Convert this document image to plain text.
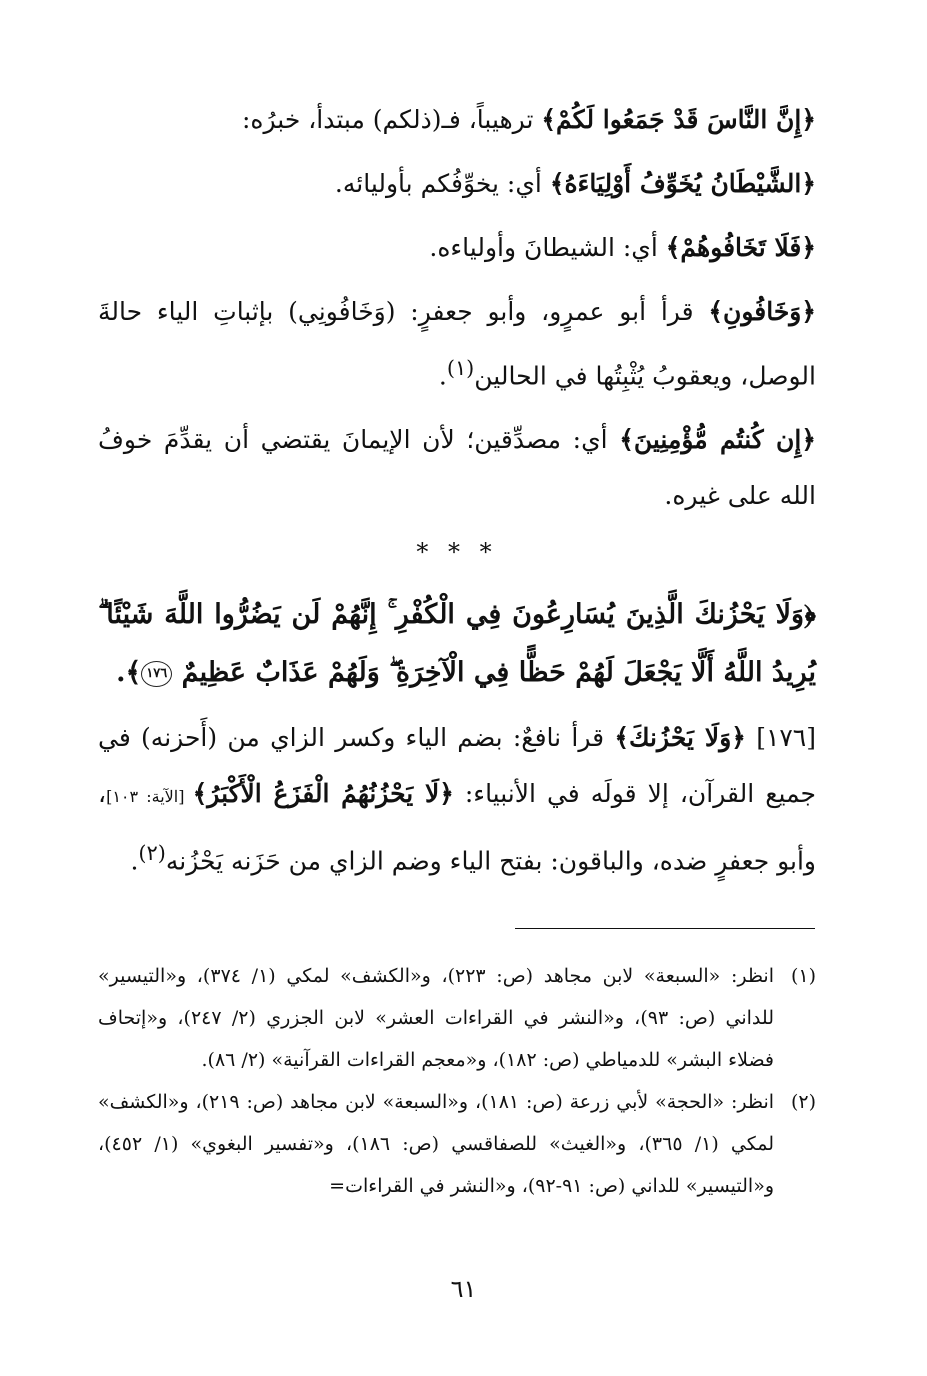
﴿إِنَّ النَّاسَ قَدْ جَمَعُوا لَكُمْ﴾ ترهيباً، فـ(ذلكم) مبتدأ، خبرُه:

﴿الشَّيْطَانُ يُخَوِّفُ أَوْلِيَاءَهُ﴾ أي: يخوِّفُكم بأوليائه.

﴿فَلَا تَخَافُوهُمْ﴾ أي: الشيطانَ وأولياءه.

﴿وَخَافُونِ﴾ قرأ أبو عمرٍو، وأبو جعفرٍ: (وَخَافُونِي) بإثباتِ الياء حالةَ الوصل، ويعقوبُ يُثْبِتُها في الحالين$^{(١)}$.

﴿إِن كُنتُم مُّؤْمِنِينَ﴾ أي: مصدِّقين؛ لأن الإيمانَ يقتضي أن يقدِّمَ خوفُ الله على غيره.

* * *

﴿وَلَا يَحْزُنكَ الَّذِينَ يُسَارِعُونَ فِي الْكُفْرِ ۚ إِنَّهُمْ لَن يَضُرُّوا اللَّهَ شَيْئًا ۗ يُرِيدُ اللَّهُ أَلَّا يَجْعَلَ لَهُمْ حَظًّا فِي الْآخِرَةِ ۖ وَلَهُمْ عَذَابٌ عَظِيمٌ ١٧٦﴾.

[١٧٦] ﴿وَلَا يَحْزُنكَ﴾ قرأ نافعٌ: بضم الياء وكسر الزاي من (أَحزنه) في جميع القرآن، إلا قولَه في الأنبياء: ﴿لَا يَحْزُنُهُمُ الْفَزَعُ الْأَكْبَرُ﴾ [الآية: ١٠٣]، وأبو جعفرٍ ضده، والباقون: بفتح الياء وضم الزاي من حَزَنه يَحْزُنه$^{(٢)}$.

(١)
انظر: «السبعة» لابن مجاهد (ص: ٢٢٣)، و«الكشف» لمكي (١/ ٣٧٤)، و«التيسير» للداني (ص: ٩٣)، و«النشر في القراءات العشر» لابن الجزري (٢/ ٢٤٧)، و«إتحاف فضلاء البشر» للدمياطي (ص: ١٨٢)، و«معجم القراءات القرآنية» (٢/ ٨٦).
(٢)
انظر: «الحجة» لأبي زرعة (ص: ١٨١)، و«السبعة» لابن مجاهد (ص: ٢١٩)، و«الكشف» لمكي (١/ ٣٦٥)، و«الغيث» للصفاقسي (ص: ١٨٦)، و«تفسير البغوي» (١/ ٤٥٢)، و«التيسير» للداني (ص: ٩١-٩٢)، و«النشر في القراءات=
٦١
